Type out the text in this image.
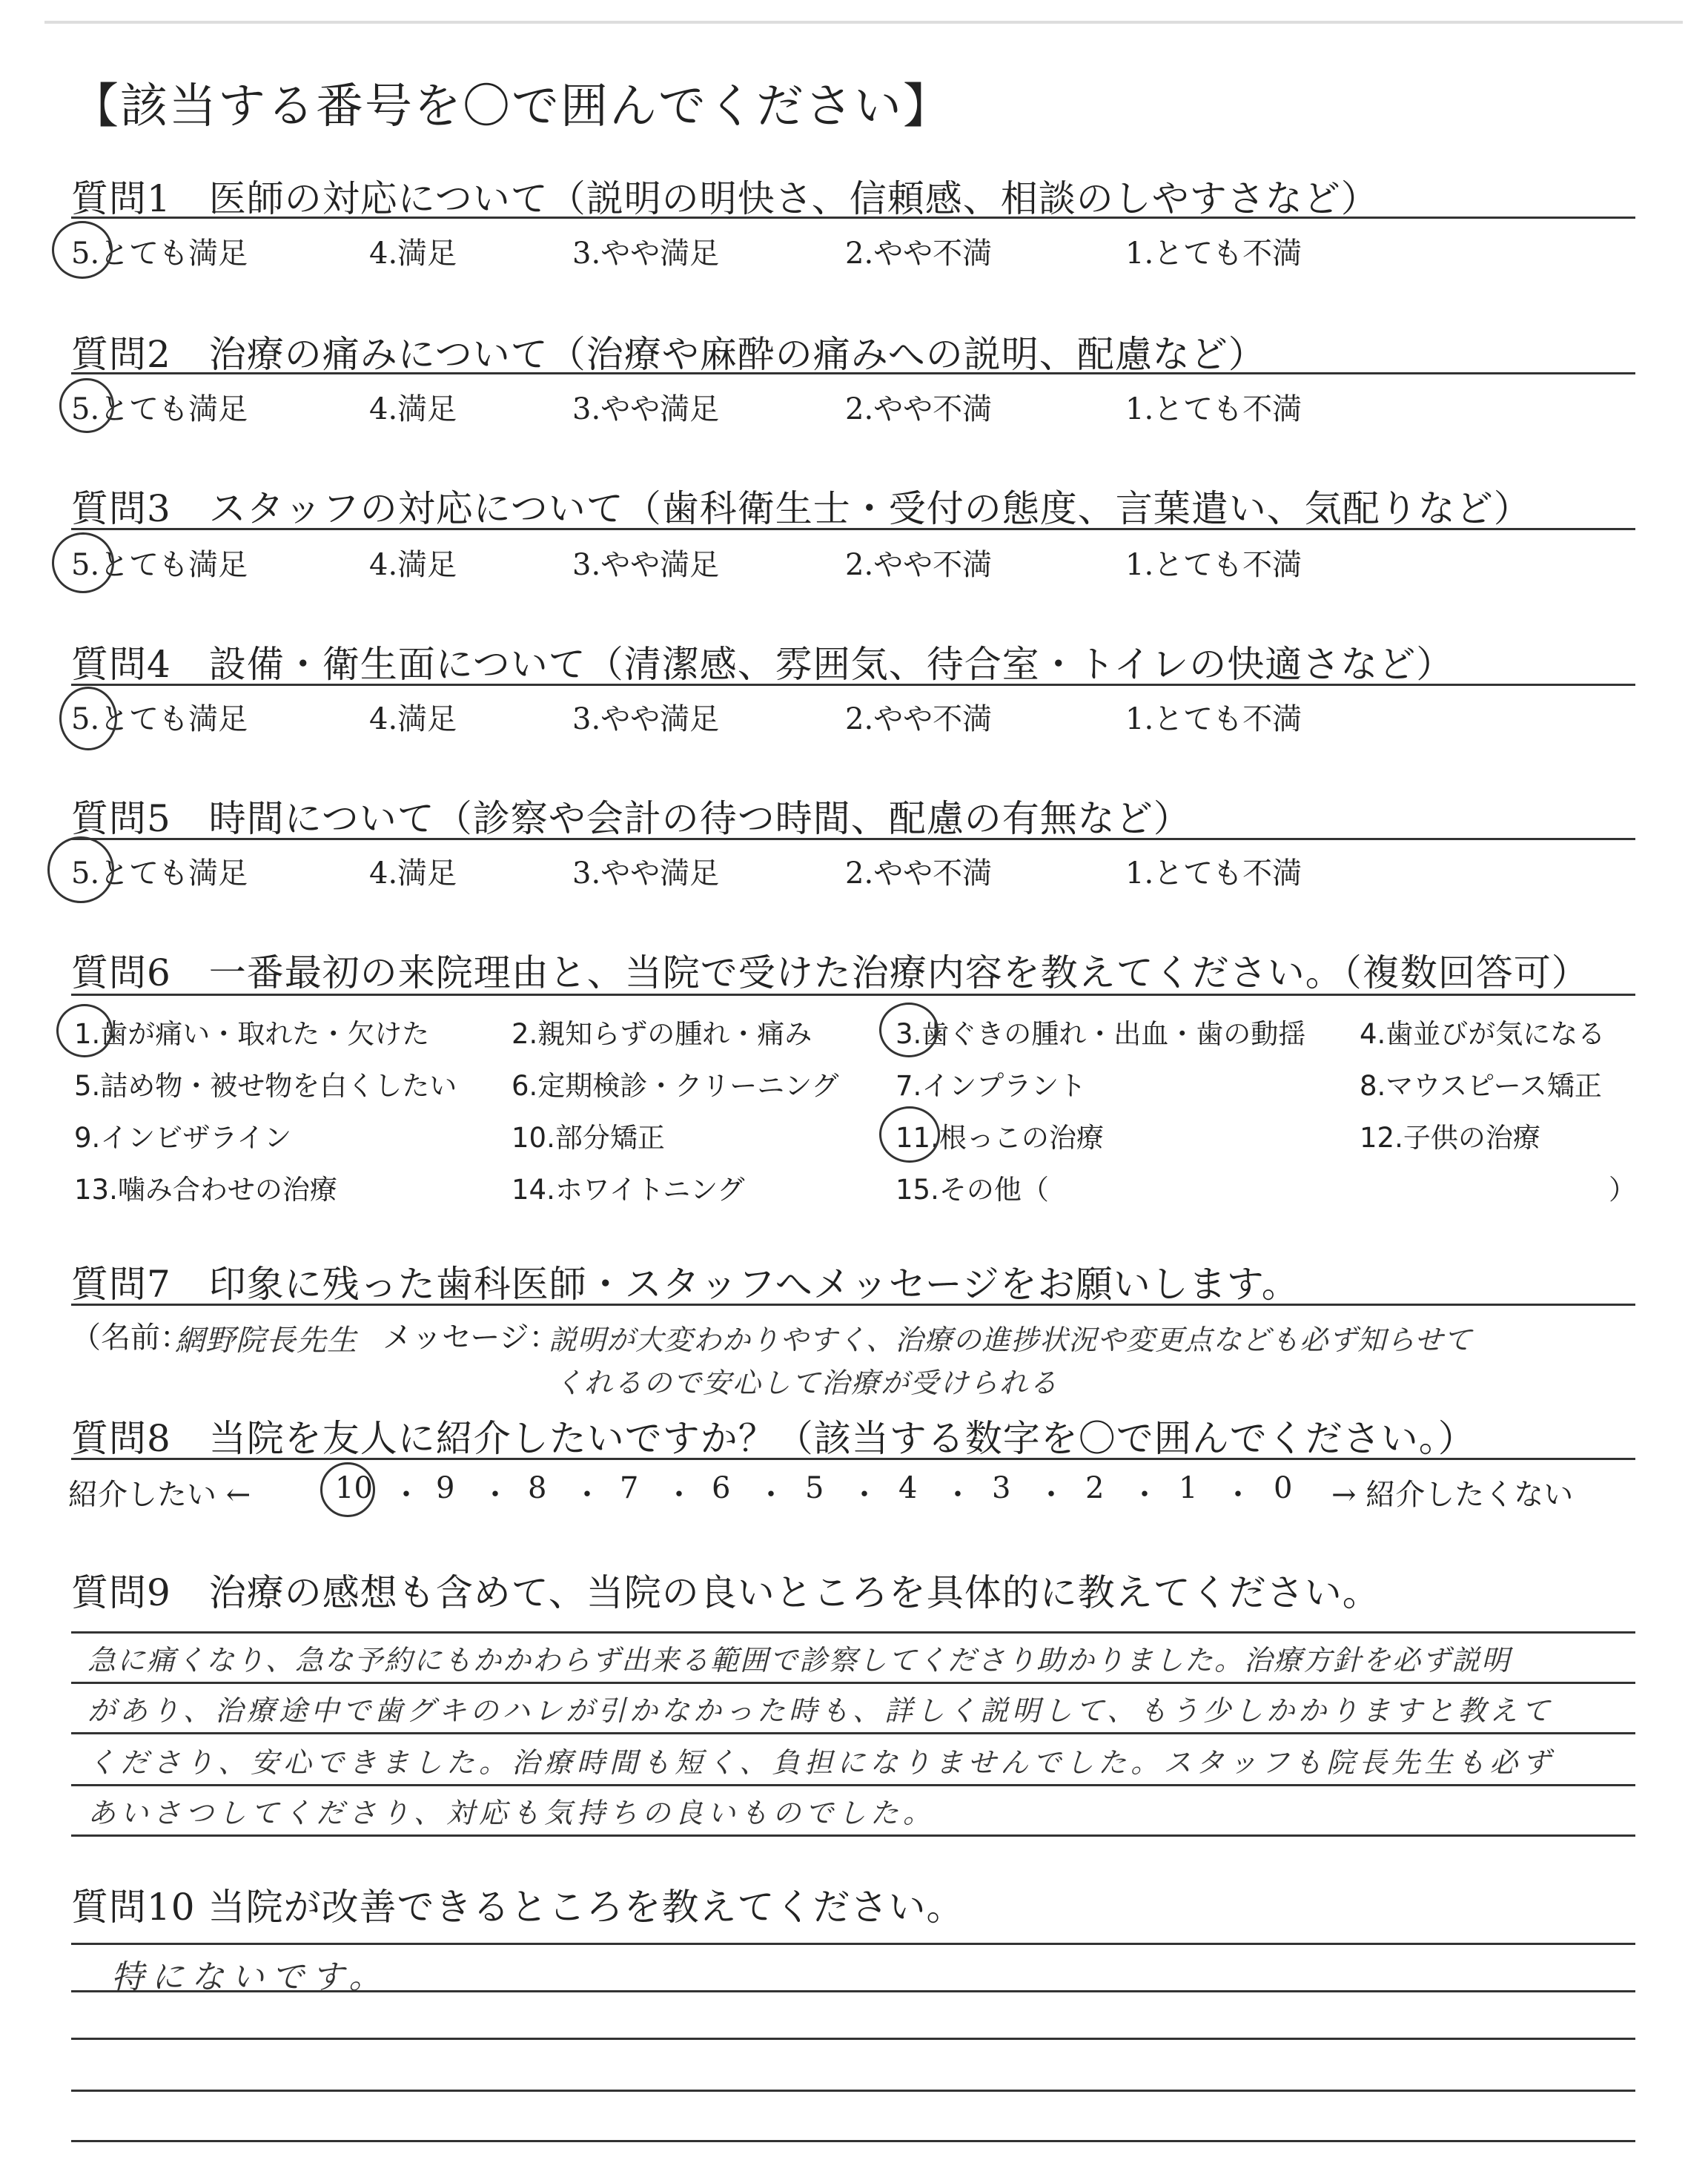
【該当する番号を〇で囲んでください】
質問1　医師の対応について（説明の明快さ、信頼感、相談のしやすさなど）
5.とても満足	4.満足	3.やや満足	2.やや不満	1.とても不満
質問2　治療の痛みについて（治療や麻酔の痛みへの説明、配慮など）
5.とても満足	4.満足	3.やや満足	2.やや不満	1.とても不満
質問3　スタッフの対応について（歯科衛生士・受付の態度、言葉遣い、気配りなど）
5.とても満足	4.満足	3.やや満足	2.やや不満	1.とても不満
質問4　設備・衛生面について（清潔感、雰囲気、待合室・トイレの快適さなど）
5.とても満足	4.満足	3.やや満足	2.やや不満	1.とても不満
質問5　時間について（診察や会計の待つ時間、配慮の有無など）
5.とても満足	4.満足	3.やや満足	2.やや不満	1.とても不満
質問6　一番最初の来院理由と、当院で受けた治療内容を教えてください。（複数回答可）
1.歯が痛い・取れた・欠けた	2.親知らずの腫れ・痛み	3.歯ぐきの腫れ・出血・歯の動揺 4.歯並びが気になる
5.詰め物・被せ物を白くしたい 6.定期検診・クリーニング 7.インプラント	8.マウスピース矯正
9.インビザライン	10.部分矯正	11.根っこの治療	12.子供の治療
13.噛み合わせの治療	14.ホワイトニング	15.その他（	）
質問7　印象に残った歯科医師・スタッフへメッセージをお願いします。
（名前：
網野院長先生 メッセージ：
説明が大変わかりやすく、治療の進捗状況や変更点なども必ず知らせて
くれるので安心して治療が受けられる
質問8　当院を友人に紹介したいですか？（該当する数字を〇で囲んでください。）
紹介したい ←	10 ・ 9 ・ 8 ・ 7 ・ 6 ・ 5 ・ 4 ・ 3 ・ 2 ・ 1 ・ 0 → 紹介したくない
質問9　治療の感想も含めて、当院の良いところを具体的に教えてください。
急に痛くなり、急な予約にもかかわらず出来る範囲で診察してくださり助かりました。治療方針を必ず説明
があり、治療途中で歯グキのハレが引かなかった時も、詳しく説明して、もう少しかかりますと教えて
くださり、安心できました。治療時間も短く、負担になりませんでした。スタッフも院長先生も必ず
あいさつしてくださり、対応も気持ちの良いものでした。
質問10 当院が改善できるところを教えてください。
特にないです。
